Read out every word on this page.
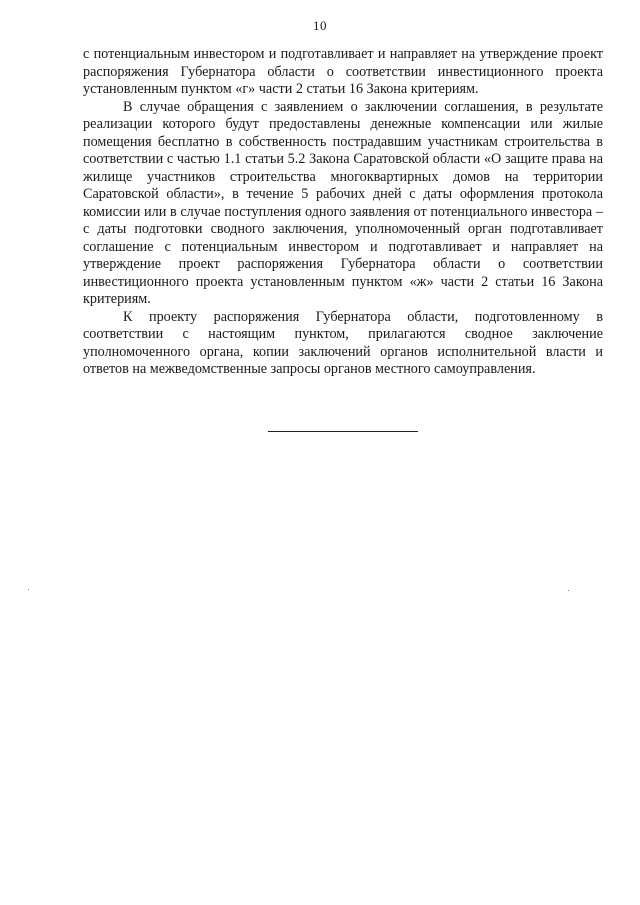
10

с потенциальным инвестором и подготавливает и направляет на утверждение проект распоряжения Губернатора области о соответствии инвестиционного проекта установленным пунктом «г» части 2 статьи 16 Закона критериям.

В случае обращения с заявлением о заключении соглашения, в результате реализации которого будут предоставлены денежные компенсации или жилые помещения бесплатно в собственность пострадавшим участникам строительства в соответствии с частью 1.1 статьи 5.2 Закона Саратовской области «О защите права на жилище участников строительства многоквартирных домов на территории Саратовской области», в течение 5 рабочих дней с даты оформления протокола комиссии или в случае поступления одного заявления от потенциального инвестора – с даты подготовки сводного заключения, уполномоченный орган подготавливает соглашение с потенциальным инвестором и подготавливает и направляет на утверждение проект распоряжения Губернатора области о соответствии инвестиционного проекта установленным пунктом «ж» части 2 статьи 16 Закона критериям.

К проекту распоряжения Губернатора области, подготовленному в соответствии с настоящим пунктом, прилагаются сводное заключение уполномоченного органа, копии заключений органов исполнительной власти и ответов на межведомственные запросы органов местного самоуправления.
